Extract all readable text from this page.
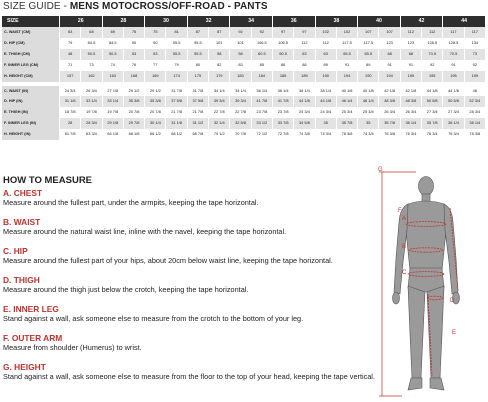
SIZE GUIDE - MENS MOTOCROSS/OFF-ROAD - PANTS
SIZE	26		28		30		32		34		36		38		40		42		44	
C. WAIST (CM)	63	68	69	75	75	81	87	87	92	92	97	97	102	102	107	107	112	112	117	117
D. HIP (CM)	79	84.5	84.5	90	90	95.5	95.5	101	101	106.5	106.5	112	112	117.5	117.5	123	123	128.5	128.5	134
E. THIGH (CM)	48	50.5	50.5	53	53	55.5	55.5	58	58	60.5	60.5	63	63	65.5	65.5	68	68	70.5	70.5	73
F. INNER LEG (CM)	71	73	74	76	77	79	80	82	83	85	86	88	89	91	89	91	91	92	91	92
H. HEIGHT (CM)	157	162	163	168	169	174	175	179	180	184	185	189	190	194	190	194	195	195	195	199

C. WAIST (IN)	24 3/4	26 3/4	27 1/8	29 1/2	29 1/2	31 7/8	31 7/8	34 1/4	34 1/4	36 1/4	36 1/4	38 1/4	38 1/4	40 1/8	40 1/8	42 1/8	42 1/8	44 1/8	44 1/8	46
D. HIP (IN)	31 1/8	33 1/4	33 1/4	35 3/8	35 3/8	37 5/8	37 5/8	39 3/4	39 3/4	41 7/8	41 7/8	44 1/8	44 1/8	46 1/4	46 1/4	48 3/8	48 3/8	50 5/8	50 5/8	52 3/4
E. THIGH (IN)	18 7/8	19 7/8	19 7/8	20 7/8	20 7/8	21 7/8	21 7/8	22 7/8	22 7/8	23 7/8	23 7/8	24 3/4	24 3/4	25 3/4	25 3/4	26 3/4	26 3/4	27 3/4	27 3/4	28 3/4
F. INNER LEG (IN)	28	28 3/4	29 1/8	29 7/8	30 1/4	31 1/8	31 1/2	32 1/4	32 5/8	33 1/2	33 7/8	34 5/8	35	35 7/8	35	35 7/8	36 1/4	35 7/8	36 1/4	36 1/4
H. HEIGHT (IN)	61 7/8	63 3/4	64 1/8	66 1/8	66 1/2	68 1/2	68 7/8	70 1/2	70 7/8	72 1/2	72 7/8	74 3/8	74 3/4	76 3/8	74 3/4	76 3/8	76 3/4	76 3/4	76 3/4	78 3/8
HOW TO MEASURE
A. CHEST
Measure around the fullest part, under the armpits, keeping the tape horizontal.
B. WAIST
Measure around the natural waist line, inline with the navel, keeping the tape horizontal.
C. HIP
Measure around the fullest part of your hips, about 20cm below waist line, keeping the tape horizontal.
D. THIGH
Measure around the thigh just below the crotch, keeping the tape horizontal.
E. INNER LEG
Stand against a wall, ask someone else to measure from the crotch to the bottom of your leg.
F. OUTER ARM
Measure from shoulder (Humerus) to wrist.
G. HEIGHT
Stand against a wall, ask someone else to measure from the floor to the top of your head, keeping the tape vertical.
G
A
B
C
D
E
F
